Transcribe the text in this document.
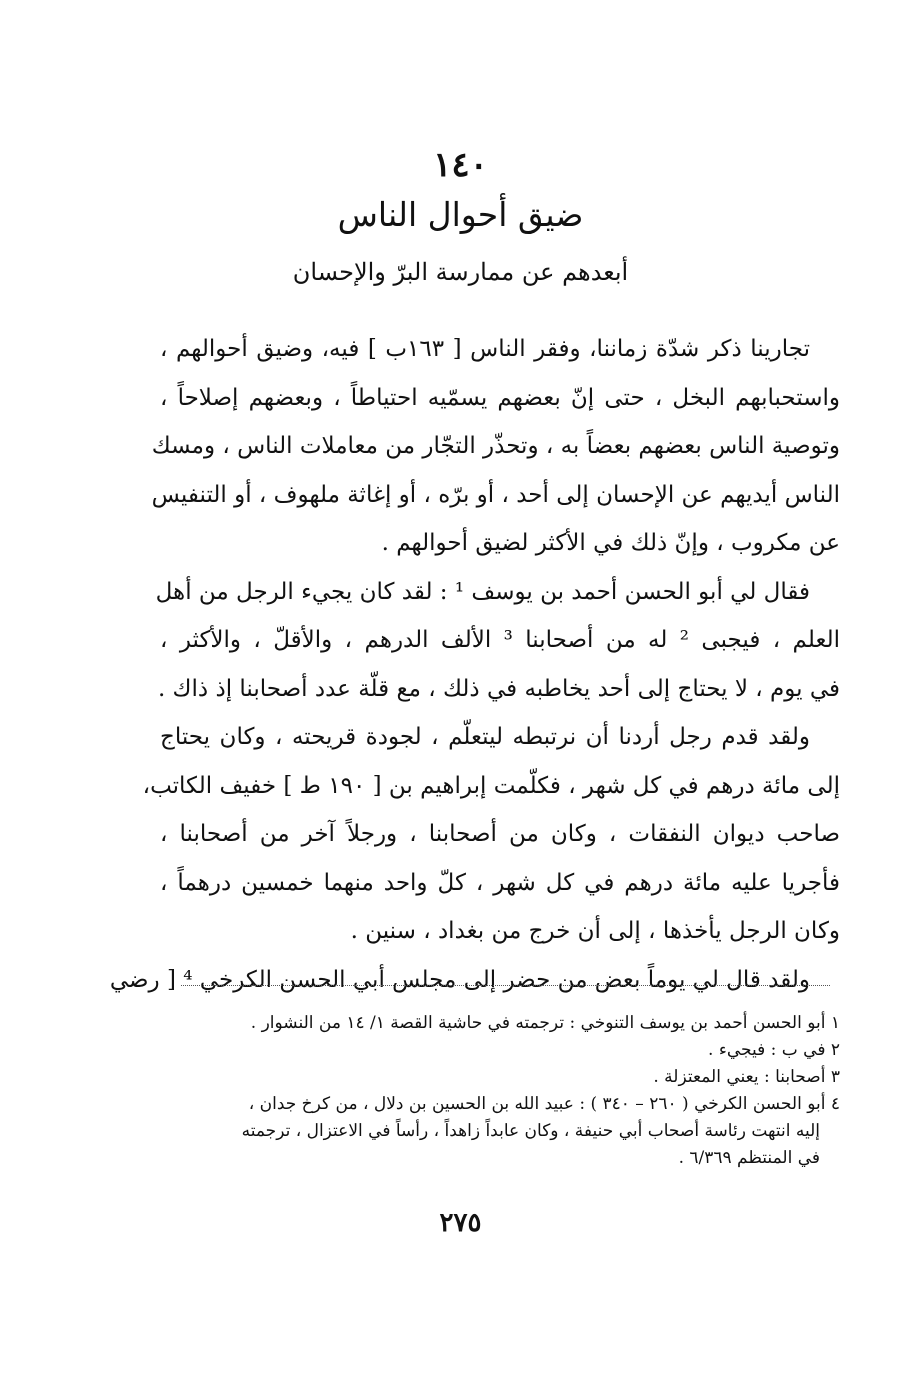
١٤٠
ضيق أحوال الناس
أبعدهم عن ممارسة البرّ والإحسان
تجارينا ذكر شدّة زماننا، وفقر الناس [ ١٦٣ب ] فيه، وضيق أحوالهم ،
واستحبابهم البخل ، حتى إنّ بعضهم يسمّيه احتياطاً ، وبعضهم إصلاحاً ،
وتوصية الناس بعضهم بعضاً به ، وتحذّر التجّار من معاملات الناس ، ومسك
الناس أيديهم عن الإحسان إلى أحد ، أو برّه ، أو إغاثة ملهوف ، أو التنفيس
عن مكروب ، وإنّ ذلك في الأكثر لضيق أحوالهم .
فقال لي أبو الحسن أحمد بن يوسف ¹ : لقد كان يجيء الرجل من أهل
العلم ، فيجبى ² له من أصحابنا ³ الألف الدرهم ، والأقلّ ، والأكثر ،
في يوم ، لا يحتاج إلى أحد يخاطبه في ذلك ، مع قلّة عدد أصحابنا إذ ذاك .
ولقد قدم رجل أردنا أن نرتبطه ليتعلّم ، لجودة قريحته ، وكان يحتاج
إلى مائة درهم في كل شهر ، فكلّمت إبراهيم بن [ ١٩٠ ط ] خفيف الكاتب،
صاحب ديوان النفقات ، وكان من أصحابنا ، ورجلاً آخر من أصحابنا ،
فأجريا عليه مائة درهم في كل شهر ، كلّ واحد منهما خمسين درهماً ،
وكان الرجل يأخذها ، إلى أن خرج من بغداد ، سنين .
ولقد قال لي يوماً بعض من حضر إلى مجلس أبي الحسن الكرخي ⁴ [ رضي
١ أبو الحسن أحمد بن يوسف التنوخي : ترجمته في حاشية القصة ١/ ١٤ من النشوار .
٢ في ب : فيجيء .
٣ أصحابنا : يعني المعتزلة .
٤ أبو الحسن الكرخي ( ٢٦٠ – ٣٤٠ ) : عبيد الله بن الحسين بن دلال ، من كرخ جدان ،
إليه انتهت رئاسة أصحاب أبي حنيفة ، وكان عابداً زاهداً ، رأساً في الاعتزال ، ترجمته
في المنتظم ٦/٣٦٩ .
٢٧٥
